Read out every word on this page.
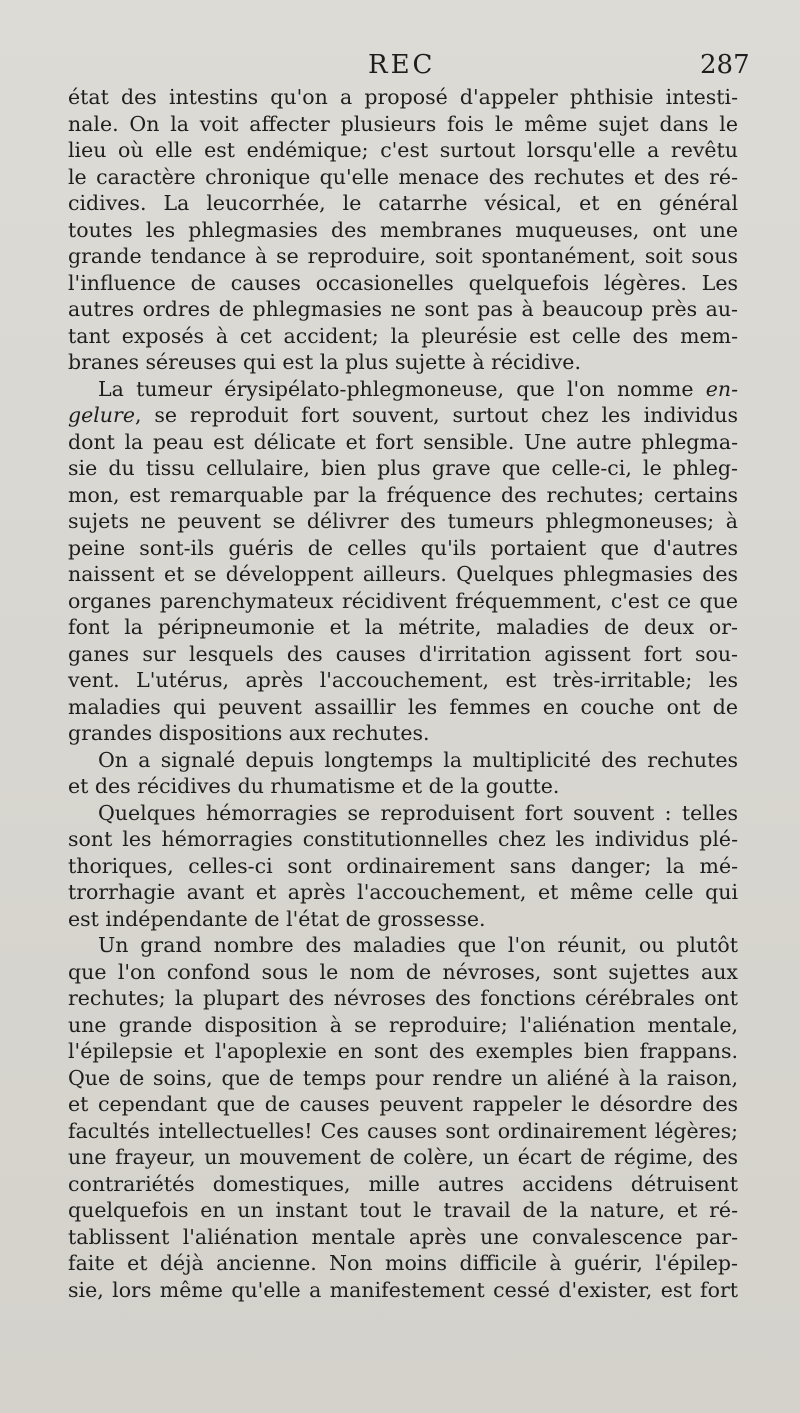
REC	287
état des intestins qu'on a proposé d'appeler phthisie intesti-
nale. On la voit affecter plusieurs fois le même sujet dans le
lieu où elle est endémique; c'est surtout lorsqu'elle a revêtu
le caractère chronique qu'elle menace des rechutes et des ré-
cidives. La leucorrhée, le catarrhe vésical, et en général
toutes les phlegmasies des membranes muqueuses, ont une
grande tendance à se reproduire, soit spontanément, soit sous
l'influence de causes occasionelles quelquefois légères. Les
autres ordres de phlegmasies ne sont pas à beaucoup près au-
tant exposés à cet accident; la pleurésie est celle des mem-
branes séreuses qui est la plus sujette à récidive.
La tumeur érysipélato-phlegmoneuse, que l'on nomme en-
gelure, se reproduit fort souvent, surtout chez les individus
dont la peau est délicate et fort sensible. Une autre phlegma-
sie du tissu cellulaire, bien plus grave que celle-ci, le phleg-
mon, est remarquable par la fréquence des rechutes; certains
sujets ne peuvent se délivrer des tumeurs phlegmoneuses; à
peine sont-ils guéris de celles qu'ils portaient que d'autres
naissent et se développent ailleurs. Quelques phlegmasies des
organes parenchymateux récidivent fréquemment, c'est ce que
font la péripneumonie et la métrite, maladies de deux or-
ganes sur lesquels des causes d'irritation agissent fort sou-
vent. L'utérus, après l'accouchement, est très-irritable; les
maladies qui peuvent assaillir les femmes en couche ont de
grandes dispositions aux rechutes.
On a signalé depuis longtemps la multiplicité des rechutes
et des récidives du rhumatisme et de la goutte.
Quelques hémorragies se reproduisent fort souvent : telles
sont les hémorragies constitutionnelles chez les individus plé-
thoriques, celles-ci sont ordinairement sans danger; la mé-
trorrhagie avant et après l'accouchement, et même celle qui
est indépendante de l'état de grossesse.
Un grand nombre des maladies que l'on réunit, ou plutôt
que l'on confond sous le nom de névroses, sont sujettes aux
rechutes; la plupart des névroses des fonctions cérébrales ont
une grande disposition à se reproduire; l'aliénation mentale,
l'épilepsie et l'apoplexie en sont des exemples bien frappans.
Que de soins, que de temps pour rendre un aliéné à la raison,
et cependant que de causes peuvent rappeler le désordre des
facultés intellectuelles! Ces causes sont ordinairement légères;
une frayeur, un mouvement de colère, un écart de régime, des
contrariétés domestiques, mille autres accidens détruisent
quelquefois en un instant tout le travail de la nature, et ré-
tablissent l'aliénation mentale après une convalescence par-
faite et déjà ancienne. Non moins difficile à guérir, l'épilep-
sie, lors même qu'elle a manifestement cessé d'exister, est fort
